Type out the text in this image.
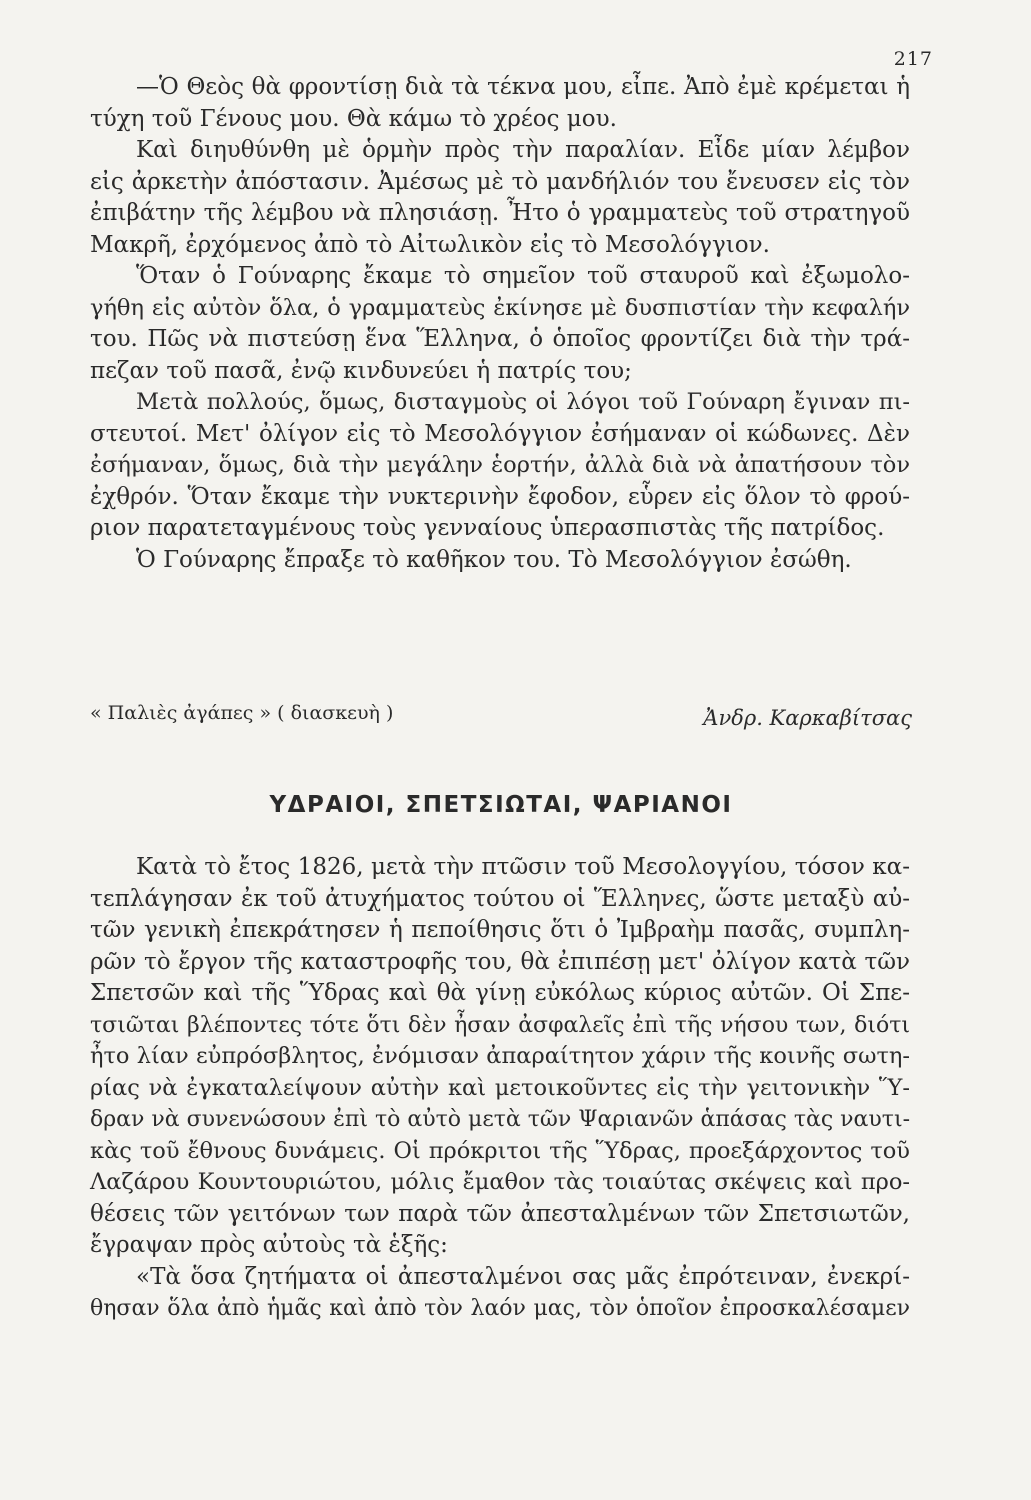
217
—Ὁ Θεὸς θὰ φροντίσῃ διὰ τὰ τέκνα μου, εἶπε. Ἀπὸ ἐμὲ κρέμεται ἡ
τύχη τοῦ Γένους μου. Θὰ κάμω τὸ χρέος μου.
Καὶ διηυθύνθη μὲ ὁρμὴν πρὸς τὴν παραλίαν. Εἶδε μίαν λέμβον
εἰς ἀρκετὴν ἀπόστασιν. Ἀμέσως μὲ τὸ μανδήλιόν του ἔνευσεν εἰς τὸν
ἐπιβάτην τῆς λέμβου νὰ πλησιάσῃ. Ἦτο ὁ γραμματεὺς τοῦ στρατηγοῦ
Μακρῆ, ἐρχόμενος ἀπὸ τὸ Αἰτωλικὸν εἰς τὸ Μεσολόγγιον.
Ὅταν ὁ Γούναρης ἔκαμε τὸ σημεῖον τοῦ σταυροῦ καὶ ἐξωμολο-
γήθη εἰς αὐτὸν ὅλα, ὁ γραμματεὺς ἐκίνησε μὲ δυσπιστίαν τὴν κεφαλήν
του. Πῶς νὰ πιστεύσῃ ἕνα Ἕλληνα, ὁ ὁποῖος φροντίζει διὰ τὴν τρά-
πεζαν τοῦ πασᾶ, ἐνῷ κινδυνεύει ἡ πατρίς του;
Μετὰ πολλούς, ὅμως, δισταγμοὺς οἱ λόγοι τοῦ Γούναρη ἔγιναν πι-
στευτοί. Μετ' ὀλίγον εἰς τὸ Μεσολόγγιον ἐσήμαναν οἱ κώδωνες. Δὲν
ἐσήμαναν, ὅμως, διὰ τὴν μεγάλην ἑορτήν, ἀλλὰ διὰ νὰ ἀπατήσουν τὸν
ἐχθρόν. Ὅταν ἔκαμε τὴν νυκτερινὴν ἔφοδον, εὗρεν εἰς ὅλον τὸ φρού-
ριον παρατεταγμένους τοὺς γενναίους ὑπερασπιστὰς τῆς πατρίδος.
Ὁ Γούναρης ἔπραξε τὸ καθῆκον του. Τὸ Μεσολόγγιον ἐσώθη.
« Παλιὲς ἀγάπες » ( διασκευὴ )	Ἀνδρ. Καρκαβίτσας
ΥΔΡΑΙΟΙ, ΣΠΕΤΣΙΩΤΑΙ, ΨΑΡΙΑΝΟΙ
Κατὰ τὸ ἔτος 1826, μετὰ τὴν πτῶσιν τοῦ Μεσολογγίου, τόσον κα-
τεπλάγησαν ἐκ τοῦ ἀτυχήματος τούτου οἱ Ἕλληνες, ὥστε μεταξὺ αὐ-
τῶν γενικὴ ἐπεκράτησεν ἡ πεποίθησις ὅτι ὁ Ἰμβραὴμ πασᾶς, συμπλη-
ρῶν τὸ ἔργον τῆς καταστροφῆς του, θὰ ἐπιπέσῃ μετ' ὀλίγον κατὰ τῶν
Σπετσῶν καὶ τῆς Ὕδρας καὶ θὰ γίνῃ εὐκόλως κύριος αὐτῶν. Οἱ Σπε-
τσιῶται βλέποντες τότε ὅτι δὲν ἦσαν ἀσφαλεῖς ἐπὶ τῆς νήσου των, διότι
ἦτο λίαν εὐπρόσβλητος, ἐνόμισαν ἀπαραίτητον χάριν τῆς κοινῆς σωτη-
ρίας νὰ ἐγκαταλείψουν αὐτὴν καὶ μετοικοῦντες εἰς τὴν γειτονικὴν Ὕ-
δραν νὰ συνενώσουν ἐπὶ τὸ αὐτὸ μετὰ τῶν Ψαριανῶν ἁπάσας τὰς ναυτι-
κὰς τοῦ ἔθνους δυνάμεις. Οἱ πρόκριτοι τῆς Ὕδρας, προεξάρχοντος τοῦ
Λαζάρου Κουντουριώτου, μόλις ἔμαθον τὰς τοιαύτας σκέψεις καὶ προ-
θέσεις τῶν γειτόνων των παρὰ τῶν ἀπεσταλμένων τῶν Σπετσιωτῶν,
ἔγραψαν πρὸς αὐτοὺς τὰ ἑξῆς:
«Τὰ ὅσα ζητήματα οἱ ἀπεσταλμένοι σας μᾶς ἐπρότειναν, ἐνεκρί-
θησαν ὅλα ἀπὸ ἡμᾶς καὶ ἀπὸ τὸν λαόν μας, τὸν ὁποῖον ἐπροσκαλέσαμεν
